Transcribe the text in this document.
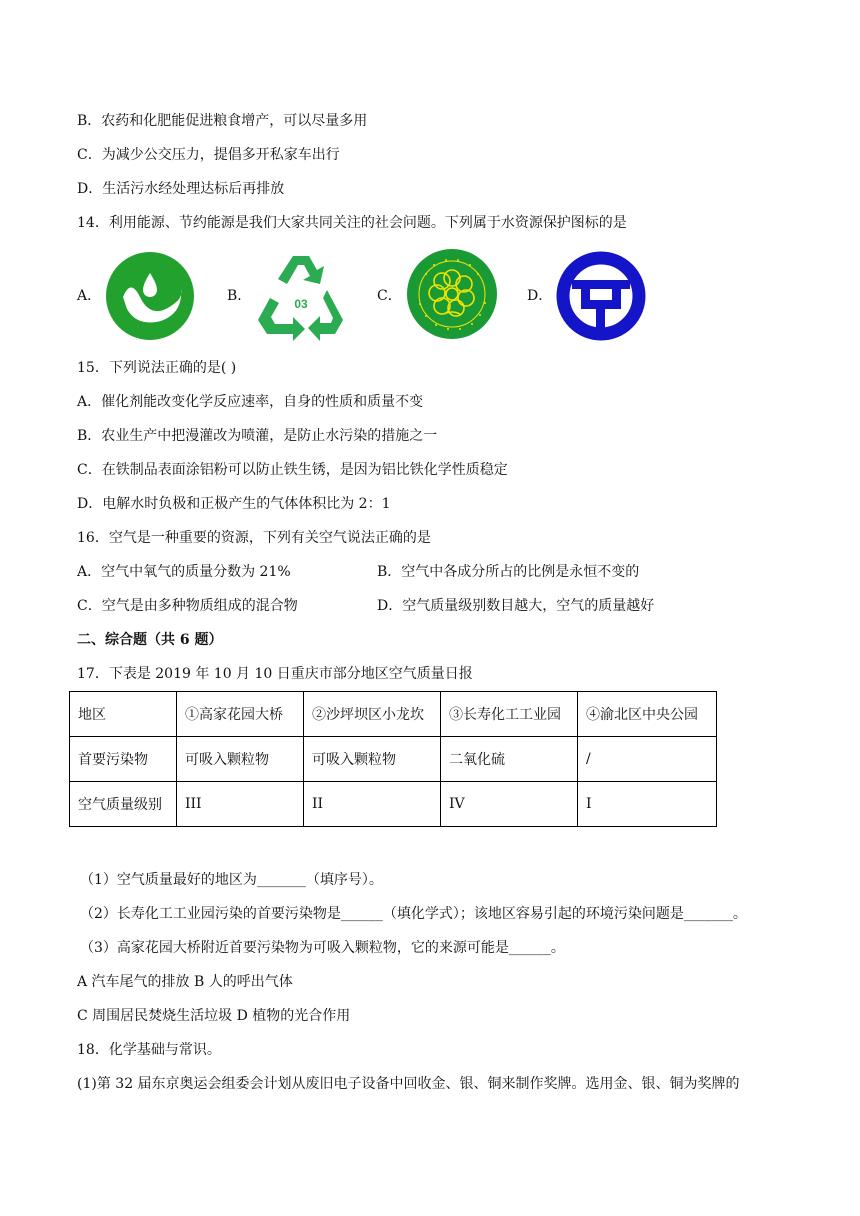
B．农药和化肥能促进粮食增产，可以尽量多用
C．为减少公交压力，提倡多开私家车出行
D．生活污水经处理达标后再排放
14．利用能源、节约能源是我们大家共同关注的社会问题。下列属于水资源保护图标的是
A．	B．	03	C．	D．
15．下列说法正确的是( )
A．催化剂能改变化学反应速率，自身的性质和质量不变
B．农业生产中把漫灌改为喷灌，是防止水污染的措施之一
C．在铁制品表面涂铝粉可以防止铁生锈，是因为铝比铁化学性质稳定
D．电解水时负极和正极产生的气体体积比为 2：1
16．空气是一种重要的资源，下列有关空气说法正确的是
A．空气中氧气的质量分数为 21%	B．空气中各成分所占的比例是永恒不变的
C．空气是由多种物质组成的混合物	D．空气质量级别数目越大，空气的质量越好
二、综合题（共 6 题）
17．下表是 2019 年 10 月 10 日重庆市部分地区空气质量日报
地区	①高家花园大桥	②沙坪坝区小龙坎	③长寿化工工业园	④渝北区中央公园
首要污染物	可吸入颗粒物	可吸入颗粒物	二氧化硫	/
空气质量级别	III	II	IV	I
（1）空气质量最好的地区为_______（填序号）。
（2）长寿化工工业园污染的首要污染物是______（填化学式）；该地区容易引起的环境污染问题是_______。
（3）高家花园大桥附近首要污染物为可吸入颗粒物，它的来源可能是______。
A 汽车尾气的排放 B 人的呼出气体
C 周围居民焚烧生活垃圾 D 植物的光合作用
18．化学基础与常识。
(1)第 32 届东京奥运会组委会计划从废旧电子设备中回收金、银、铜来制作奖牌。选用金、银、铜为奖牌的
